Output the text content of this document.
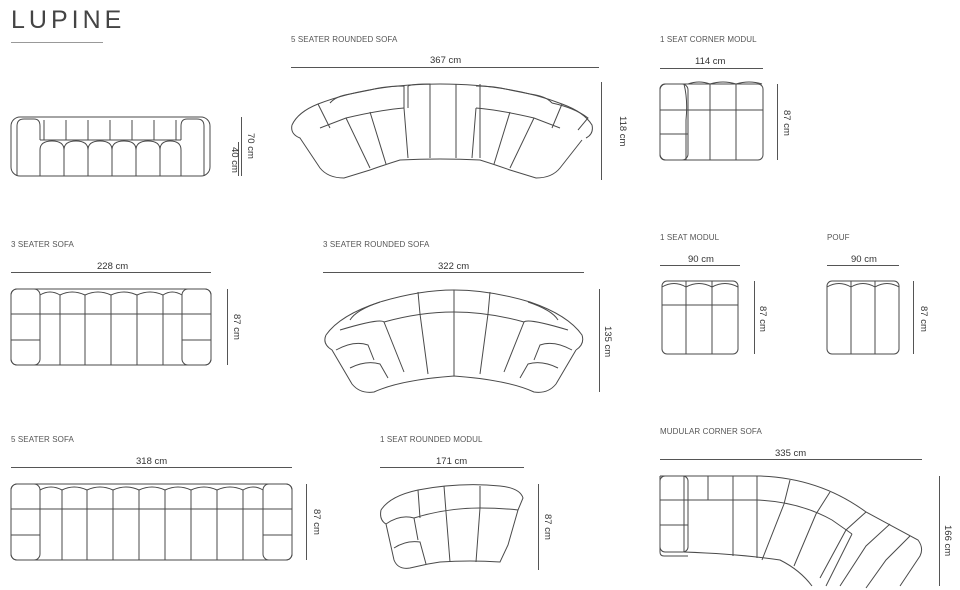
LUPINE
70 cm
40 cm
5 SEATER ROUNDED SOFA
367 cm
118 cm
1 SEAT CORNER MODUL
114 cm
87 cm
3 SEATER SOFA
228 cm
87 cm
3 SEATER ROUNDED SOFA
322 cm
135 cm
1 SEAT MODUL
90 cm
87 cm
POUF
90 cm
87 cm
5 SEATER SOFA
318 cm
87 cm
1 SEAT ROUNDED MODUL
171 cm
87 cm
MUDULAR CORNER SOFA
335 cm
166 cm
